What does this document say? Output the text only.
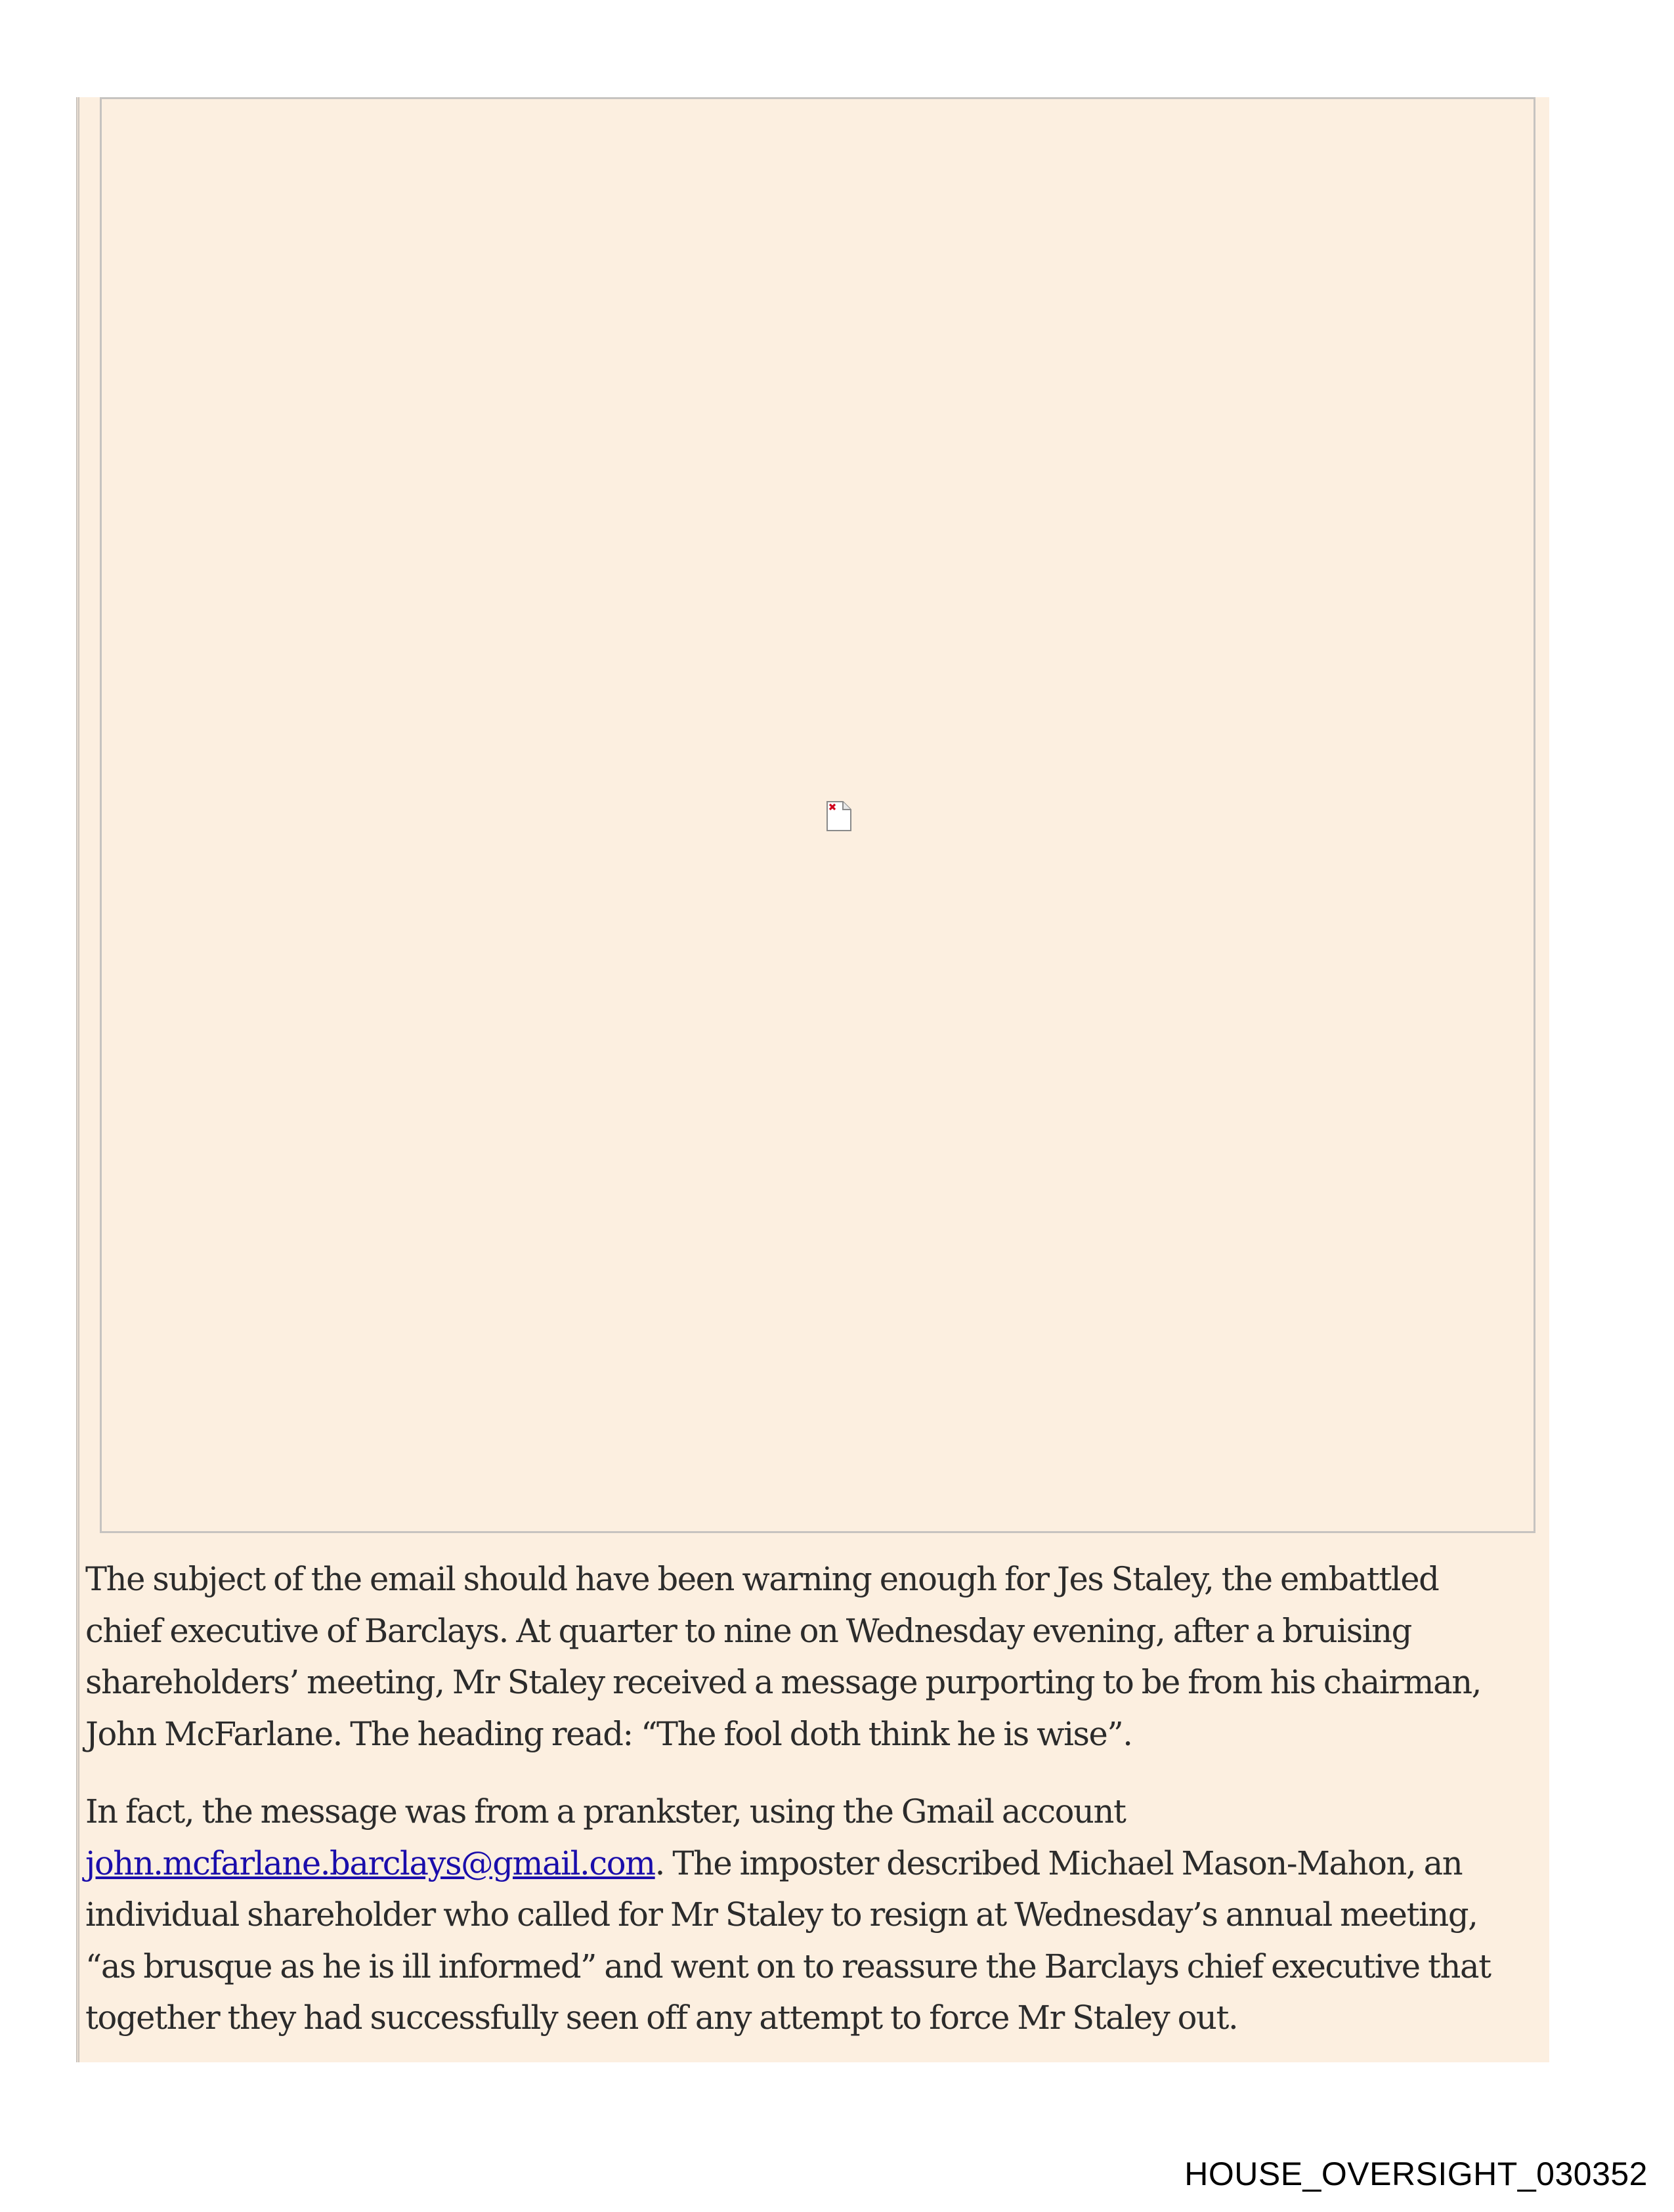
The subject of the email should have been warning enough for Jes Staley, the embattled
chief executive of Barclays. At quarter to nine on Wednesday evening, after a bruising
shareholders’ meeting, Mr Staley received a message purporting to be from his chairman,
John McFarlane. The heading read: “The fool doth think he is wise”.

In fact, the message was from a prankster, using the Gmail account
john.mcfarlane.barclays@gmail.com. The imposter described Michael Mason-Mahon, an
individual shareholder who called for Mr Staley to resign at Wednesday’s annual meeting,
“as brusque as he is ill informed” and went on to reassure the Barclays chief executive that
together they had successfully seen off any attempt to force Mr Staley out.

HOUSE_OVERSIGHT_030352
